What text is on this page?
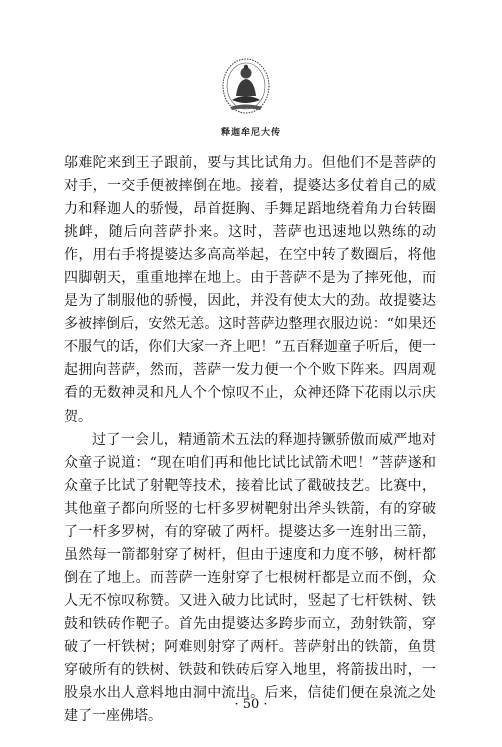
释迦牟尼大传

邬难陀来到王子跟前，要与其比试角力。但他们不是菩萨的对手，一交手便被摔倒在地。接着，提婆达多仗着自己的威力和释迦人的骄慢，昂首挺胸、手舞足蹈地绕着角力台转圈挑衅，随后向菩萨扑来。这时，菩萨也迅速地以熟练的动作，用右手将提婆达多高高举起，在空中转了数圈后，将他四脚朝天，重重地摔在地上。由于菩萨不是为了摔死他，而是为了制服他的骄慢，因此，并没有使太大的劲。故提婆达多被摔倒后，安然无恙。这时菩萨边整理衣服边说：“如果还不服气的话，你们大家一齐上吧！”五百释迦童子听后，便一起拥向菩萨，然而，菩萨一发力便一个个败下阵来。四周观看的无数神灵和凡人个个惊叹不止，众神还降下花雨以示庆贺。

过了一会儿，精通箭术五法的释迦持镢骄傲而威严地对众童子说道：“现在咱们再和他比试比试箭术吧！”菩萨遂和众童子比试了射靶等技术，接着比试了戳破技艺。比赛中，其他童子都向所竖的七杆多罗树靶射出斧头铁箭，有的穿破了一杆多罗树，有的穿破了两杆。提婆达多一连射出三箭，虽然每一箭都射穿了树杆，但由于速度和力度不够，树杆都倒在了地上。而菩萨一连射穿了七根树杆都是立而不倒，众人无不惊叹称赞。又进入破力比试时，竖起了七杆铁树、铁鼓和铁砖作靶子。首先由提婆达多跨步而立，劲射铁箭，穿破了一杆铁树；阿难则射穿了两杆。菩萨射出的铁箭，鱼贯穿破所有的铁树、铁鼓和铁砖后穿入地里，将箭拔出时，一股泉水出人意料地由洞中流出。后来，信徒们便在泉流之处建了一座佛塔。

· 50 ·
